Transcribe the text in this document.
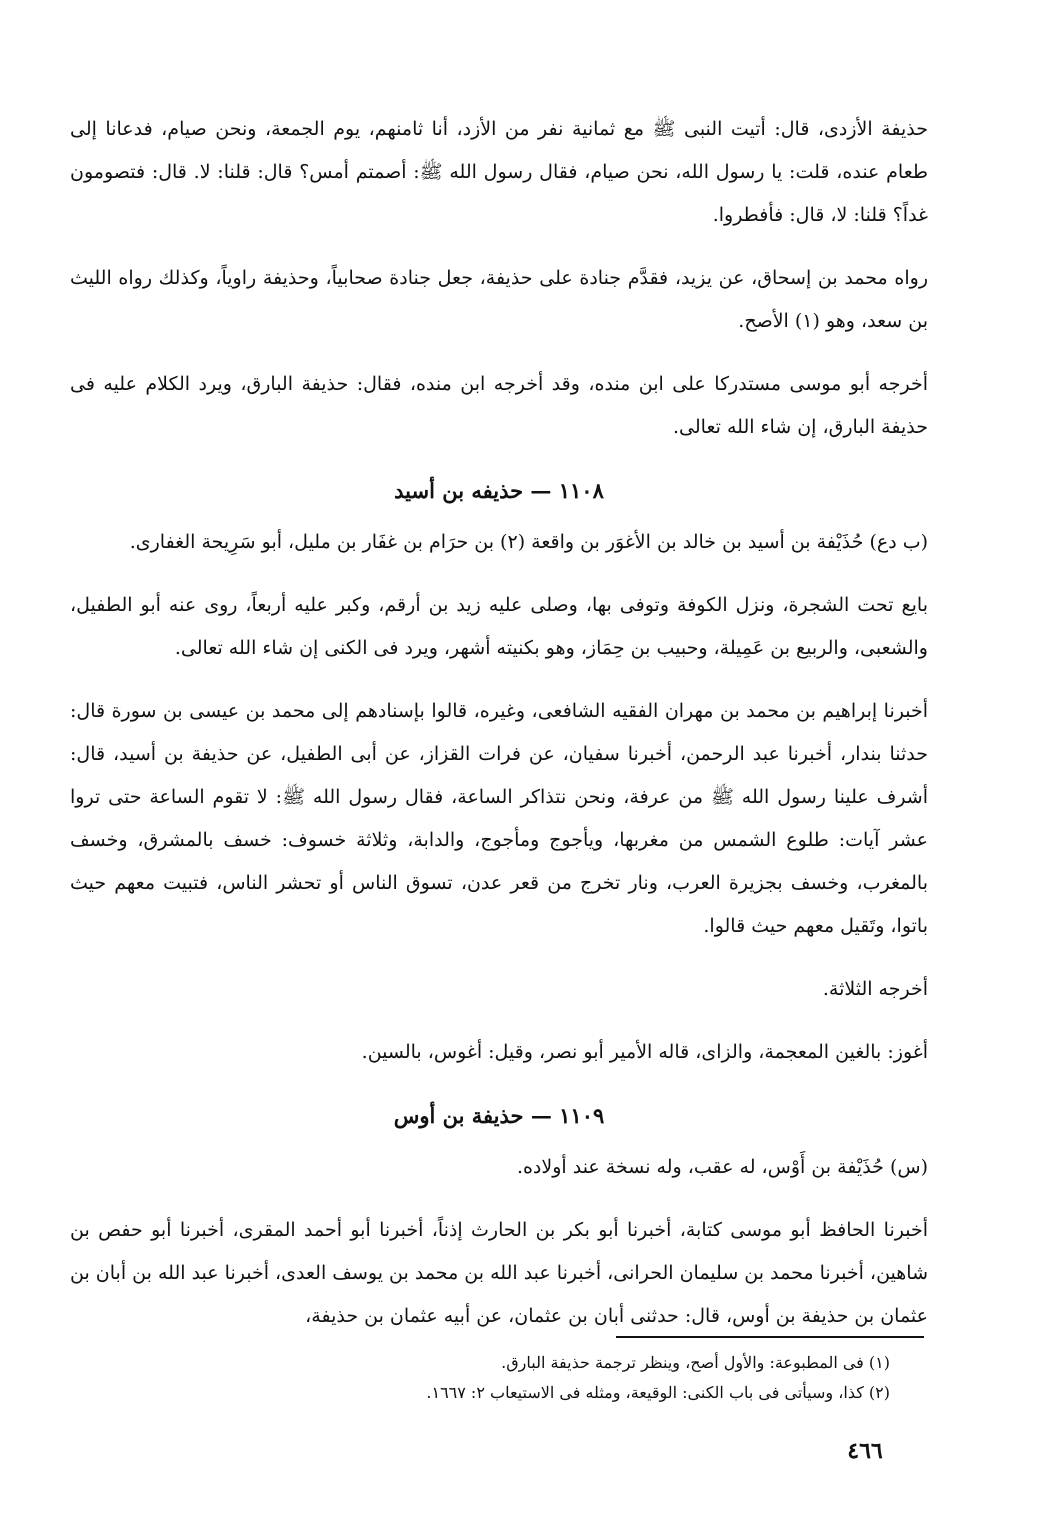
حذيفة الأزدى، قال: أتيت النبى ﷺ مع ثمانية نفر من الأزد، أنا ثامنهم، يوم الجمعة، ونحن صيام، فدعانا إلى طعام عنده، قلت: يا رسول الله، نحن صيام، فقال رسول الله ﷺ: أصمتم أمس؟ قال: قلنا: لا. قال: فتصومون غداً؟ قلنا: لا، قال: فأفطروا.

رواه محمد بن إسحاق، عن يزيد، فقدَّم جنادة على حذيفة، جعل جنادة صحابياً، وحذيفة راوياً، وكذلك رواه الليث بن سعد، وهو (١) الأصح.

أخرجه أبو موسى مستدركا على ابن منده، وقد أخرجه ابن منده، فقال: حذيفة البارق، ويرد الكلام عليه فى حذيفة البارق، إن شاء الله تعالى.

١١٠٨ — حذيفه بن أسيد

(ب دع) حُذَيْفة بن أسيد بن خالد بن الأغوَر بن واقعة (٢) بن حرَام بن غفَار بن مليل، أبو سَرِيحة الغفارى.

بايع تحت الشجرة، ونزل الكوفة وتوفى بها، وصلى عليه زيد بن أرقم، وكبر عليه أربعاً، روى عنه أبو الطفيل، والشعبى، والربيع بن عَمِيلة، وحبيب بن حِمَاز، وهو بكنيته أشهر، ويرد فى الكنى إن شاء الله تعالى.

أخبرنا إبراهيم بن محمد بن مهران الفقيه الشافعى، وغيره، قالوا بإسنادهم إلى محمد بن عيسى بن سورة قال: حدثنا بندار، أخبرنا عبد الرحمن، أخبرنا سفيان، عن فرات القزاز، عن أبى الطفيل، عن حذيفة بن أسيد، قال: أشرف علينا رسول الله ﷺ من عرفة، ونحن نتذاكر الساعة، فقال رسول الله ﷺ: لا تقوم الساعة حتى تروا عشر آيات: طلوع الشمس من مغربها، ويأجوج ومأجوج، والدابة، وثلاثة خسوف: خسف بالمشرق، وخسف بالمغرب، وخسف بجزيرة العرب، ونار تخرج من قعر عدن، تسوق الناس أو تحشر الناس، فتبيت معهم حيث باتوا، وتَقيل معهم حيث قالوا.

أخرجه الثلاثة.

أغوز: بالغين المعجمة، والزاى، قاله الأمير أبو نصر، وقيل: أغوس، بالسين.

١١٠٩ — حذيفة بن أوس

(س) حُذَيْفة بن أَوْس، له عقب، وله نسخة عند أولاده.

أخبرنا الحافظ أبو موسى كتابة، أخبرنا أبو بكر بن الحارث إذناً، أخبرنا أبو أحمد المقرى، أخبرنا أبو حفص بن شاهين، أخبرنا محمد بن سليمان الحرانى، أخبرنا عبد الله بن محمد بن يوسف العدى، أخبرنا عبد الله بن أبان بن عثمان بن حذيفة بن أوس، قال: حدثنى أبان بن عثمان، عن أبيه عثمان بن حذيفة،

(١) فى المطبوعة: والأول أصح، وينظر ترجمة حذيفة البارق.
(٢) كذا، وسيأتى فى باب الكنى: الوقيعة، ومثله فى الاستيعاب ٢: ١٦٦٧.
٤٦٦
